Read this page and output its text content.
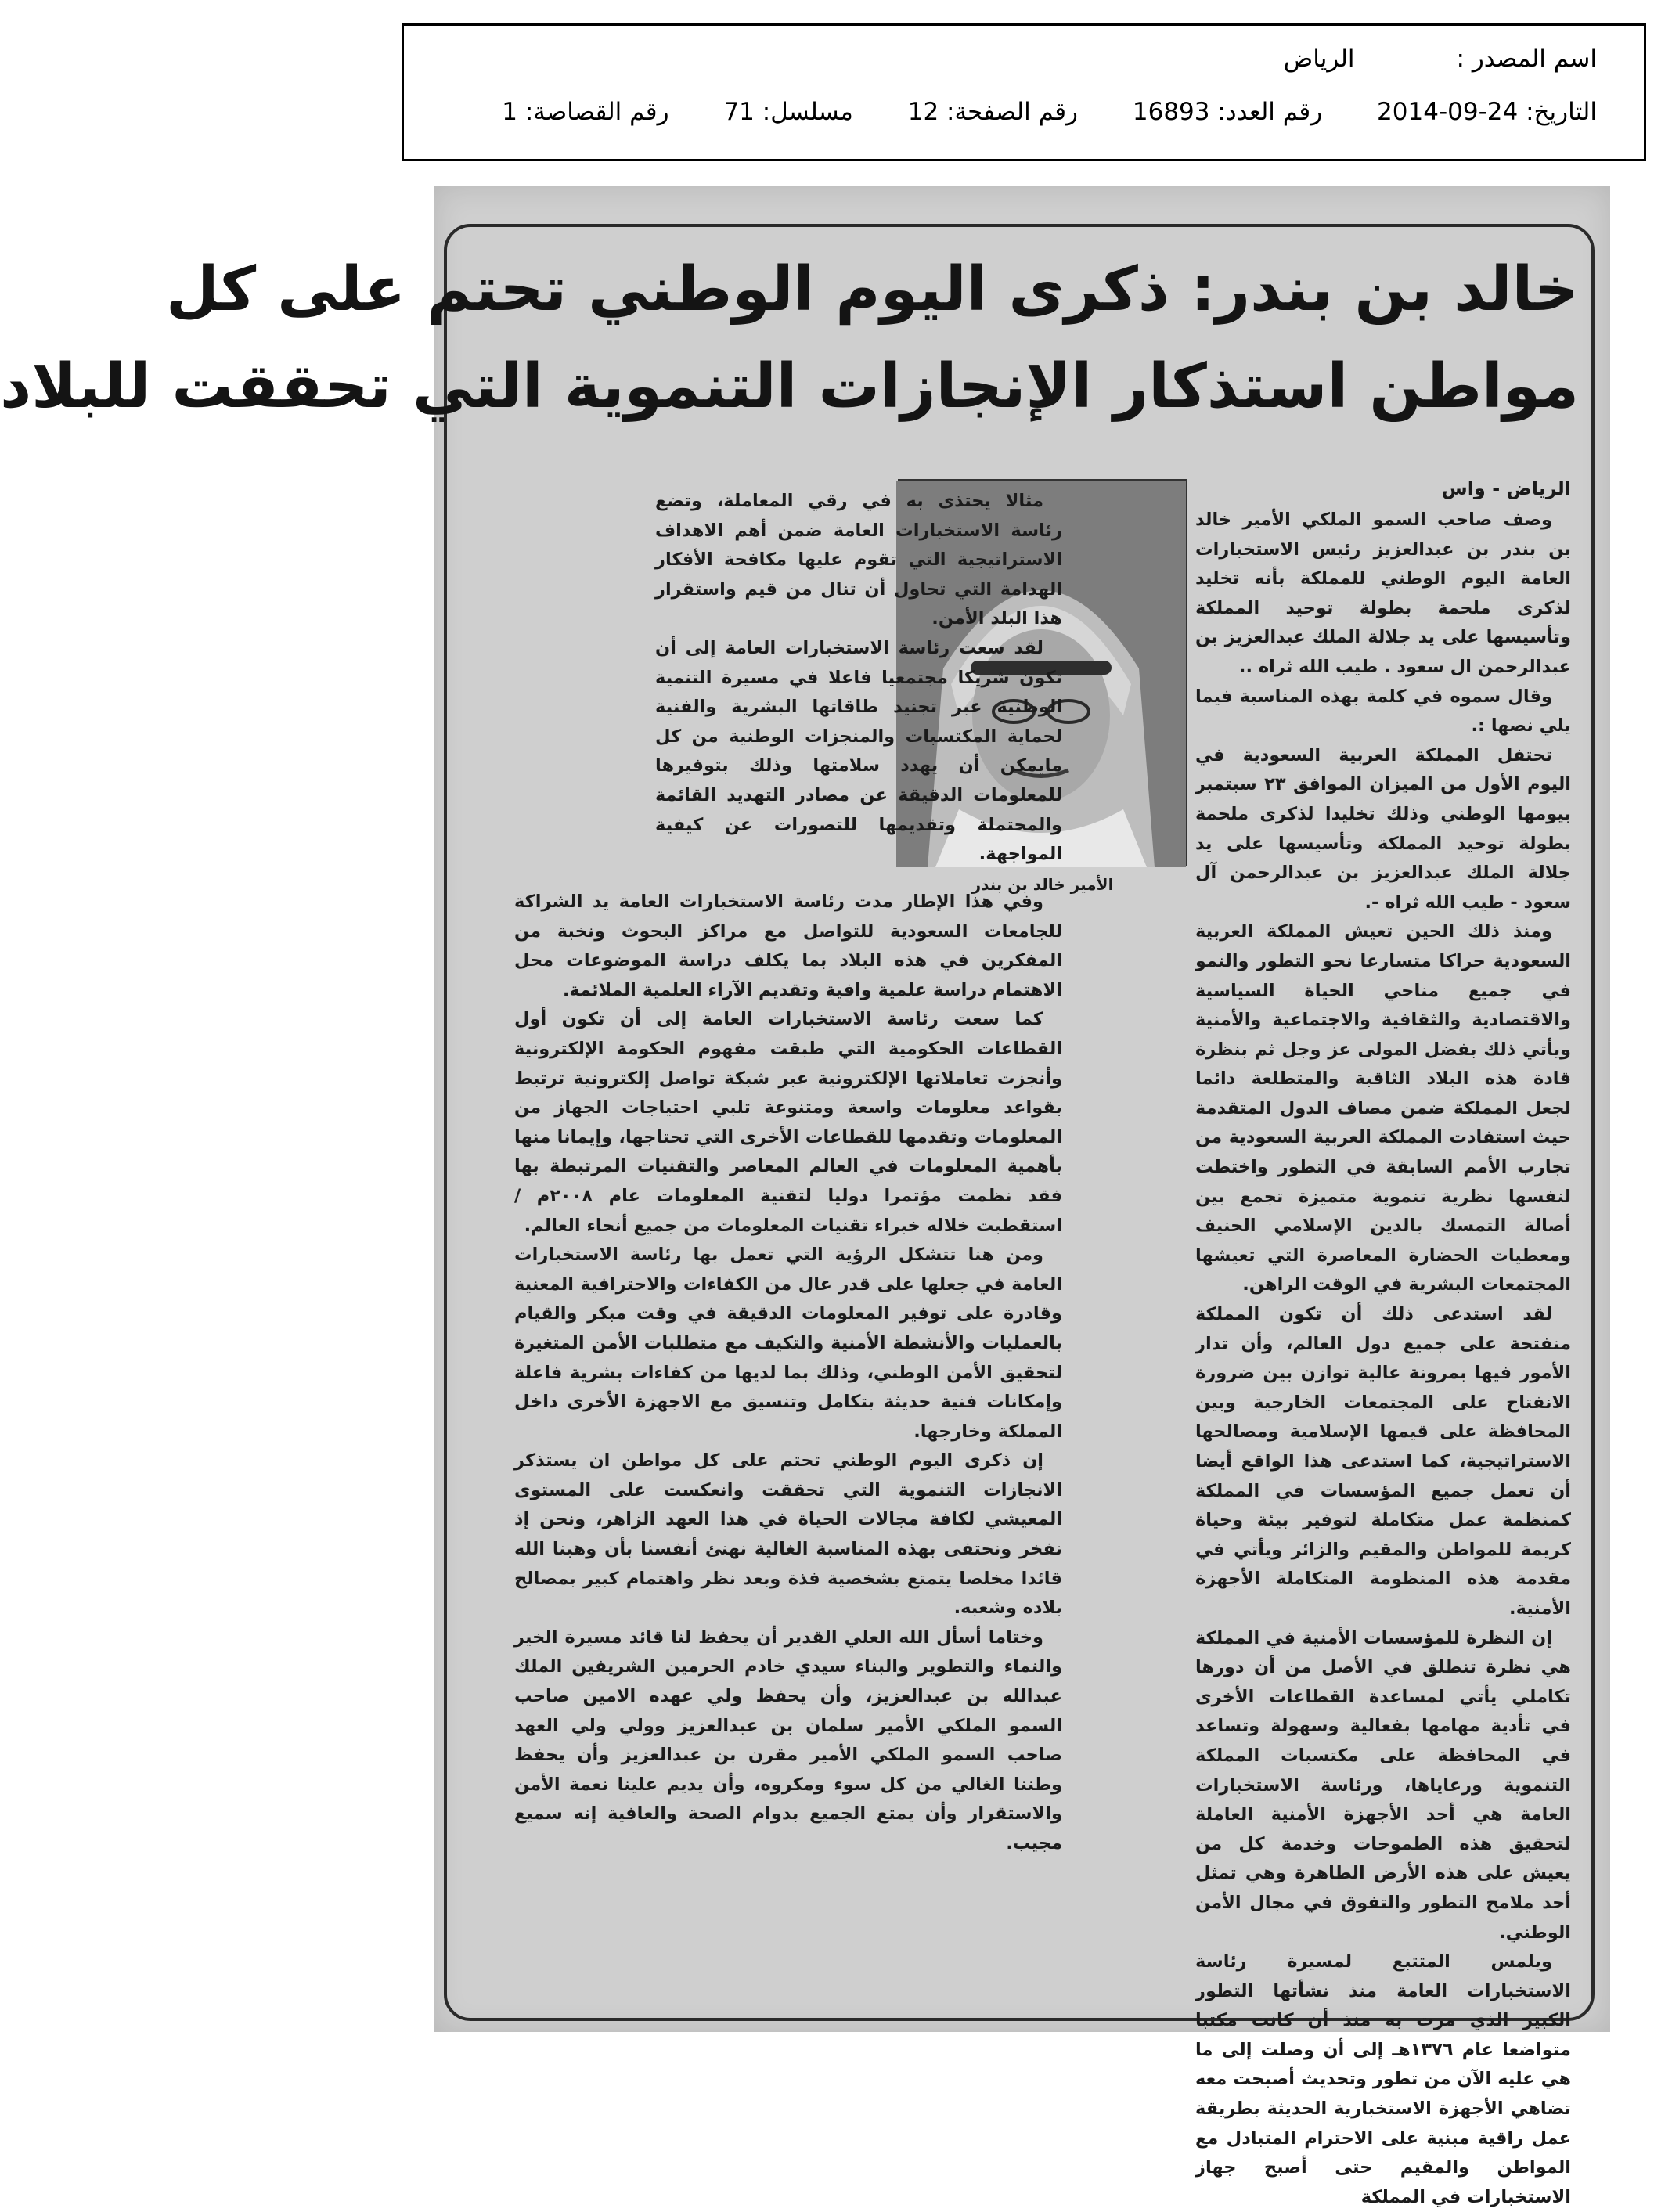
اسم المصدر :الرياض
التاريخ: 24-09-2014 رقم العدد: 16893 رقم الصفحة: 12 مسلسل: 71 رقم القصاصة: 1
خالد بن بندر: ذكرى اليوم الوطني تحتم على كل
مواطن استذكار الإنجازات التنموية التي تحققت للبلاد
الرياض - واس
الأمير خالد بن بندر

وصف صاحب السمو الملكي الأمير خالد بن بندر بن عبدالعزيز رئيس الاستخبارات العامة اليوم الوطني للمملكة بأنه تخليد لذكرى ملحمة بطولة توحيد المملكة وتأسيسها على يد جلالة الملك عبدالعزيز بن عبدالرحمن ال سعود . طيب الله ثراه ..

وقال سموه في كلمة بهذه المناسبة فيما يلي نصها :.

تحتفل المملكة العربية السعودية في اليوم الأول من الميزان الموافق ٢٣ سبتمبر بيومها الوطني وذلك تخليدا لذكرى ملحمة بطولة توحيد المملكة وتأسيسها على يد جلالة الملك عبدالعزيز بن عبدالرحمن آل سعود - طيب الله ثراه -.

ومنذ ذلك الحين تعيش المملكة العربية السعودية حراكا متسارعا نحو التطور والنمو في جميع مناحي الحياة السياسية والاقتصادية والثقافية والاجتماعية والأمنية ويأتي ذلك بفضل المولى عز وجل ثم بنظرة قادة هذه البلاد الثاقبة والمتطلعة دائما لجعل المملكة ضمن مصاف الدول المتقدمة حيث استفادت المملكة العربية السعودية من تجارب الأمم السابقة في التطور واختطت لنفسها نظرية تنموية متميزة تجمع بين أصالة التمسك بالدين الإسلامي الحنيف ومعطيات الحضارة المعاصرة التي تعيشها المجتمعات البشرية في الوقت الراهن.

لقد استدعى ذلك أن تكون المملكة منفتحة على جميع دول العالم، وأن تدار الأمور فيها بمرونة عالية توازن بين ضرورة الانفتاح على المجتمعات الخارجية وبين المحافظة على قيمها الإسلامية ومصالحها الاستراتيجية، كما استدعى هذا الواقع أيضا أن تعمل جميع المؤسسات في المملكة كمنظمة عمل متكاملة لتوفير بيئة وحياة كريمة للمواطن والمقيم والزائر ويأتي في مقدمة هذه المنظومة المتكاملة الأجهزة الأمنية.

إن النظرة للمؤسسات الأمنية في المملكة هي نظرة تنطلق في الأصل من أن دورها تكاملي يأتي لمساعدة القطاعات الأخرى في تأدية مهامها بفعالية وسهولة وتساعد في المحافظة على مكتسبات المملكة التنموية ورعاياها، ورئاسة الاستخبارات العامة هي أحد الأجهزة الأمنية العاملة لتحقيق هذه الطموحات وخدمة كل من يعيش على هذه الأرض الطاهرة وهي تمثل أحد ملامح التطور والتفوق في مجال الأمن الوطني.

ويلمس المتتبع لمسيرة رئاسة الاستخبارات العامة منذ نشأتها التطور الكبير الذي مرت به منذ أن كانت مكتبا متواضعا عام ١٣٧٦هـ إلى أن وصلت إلى ما هي عليه الآن من تطور وتحديث أصبحت معه تضاهي الأجهزة الاستخبارية الحديثة بطريقة عمل راقية مبنية على الاحترام المتبادل مع المواطن والمقيم حتى أصبح جهاز الاستخبارات في المملكة

مثالا يحتذى به في رقي المعاملة، وتضع رئاسة الاستخبارات العامة ضمن أهم الاهداف الاستراتيجية التي تقوم عليها مكافحة الأفكار الهدامة التي تحاول أن تنال من قيم واستقرار هذا البلد الأمن.

لقد سعت رئاسة الاستخبارات العامة إلى أن تكون شريكا مجتمعيا فاعلا في مسيرة التنمية الوطنية عبر تجنيد طاقاتها البشرية والفنية لحماية المكتسبات والمنجزات الوطنية من كل مايمكن أن يهدد سلامتها وذلك بتوفيرها للمعلومات الدقيقة عن مصادر التهديد القائمة والمحتملة وتقديمها للتصورات عن كيفية المواجهة.

وفي هذا الإطار مدت رئاسة الاستخبارات العامة يد الشراكة للجامعات السعودية للتواصل مع مراكز البحوث ونخبة من المفكرين في هذه البلاد بما يكلف دراسة الموضوعات محل الاهتمام دراسة علمية وافية وتقديم الآراء العلمية الملائمة.

كما سعت رئاسة الاستخبارات العامة إلى أن تكون أول القطاعات الحكومية التي طبقت مفهوم الحكومة الإلكترونية وأنجزت تعاملاتها الإلكترونية عبر شبكة تواصل إلكترونية ترتبط بقواعد معلومات واسعة ومتنوعة تلبي احتياجات الجهاز من المعلومات وتقدمها للقطاعات الأخرى التي تحتاجها، وإيمانا منها بأهمية المعلومات في العالم المعاصر والتقنيات المرتبطة بها فقد نظمت مؤتمرا دوليا لتقنية المعلومات عام ٢٠٠٨م / استقطبت خلاله خبراء تقنيات المعلومات من جميع أنحاء العالم.

ومن هنا تتشكل الرؤية التي تعمل بها رئاسة الاستخبارات العامة في جعلها على قدر عال من الكفاءات والاحترافية المعنية وقادرة على توفير المعلومات الدقيقة في وقت مبكر والقيام بالعمليات والأنشطة الأمنية والتكيف مع متطلبات الأمن المتغيرة لتحقيق الأمن الوطني، وذلك بما لديها من كفاءات بشرية فاعلة وإمكانات فنية حديثة بتكامل وتنسيق مع الاجهزة الأخرى داخل المملكة وخارجها.

إن ذكرى اليوم الوطني تحتم على كل مواطن ان يستذكر الانجازات التنموية التي تحققت وانعكست على المستوى المعيشي لكافة مجالات الحياة في هذا العهد الزاهر، ونحن إذ نفخر ونحتفى بهذه المناسبة الغالية نهنئ أنفسنا بأن وهبنا الله قائدا مخلصا يتمتع بشخصية فذة وبعد نظر واهتمام كبير بمصالح بلاده وشعبه.

وختاما أسأل الله العلي القدير أن يحفظ لنا قائد مسيرة الخير والنماء والتطوير والبناء سيدي خادم الحرمين الشريفين الملك عبدالله بن عبدالعزيز، وأن يحفظ ولي عهده الامين صاحب السمو الملكي الأمير سلمان بن عبدالعزيز وولي ولي العهد صاحب السمو الملكي الأمير مقرن بن عبدالعزيز وأن يحفظ وطننا الغالي من كل سوء ومكروه، وأن يديم علينا نعمة الأمن والاستقرار وأن يمتع الجميع بدوام الصحة والعافية إنه سميع مجيب.
